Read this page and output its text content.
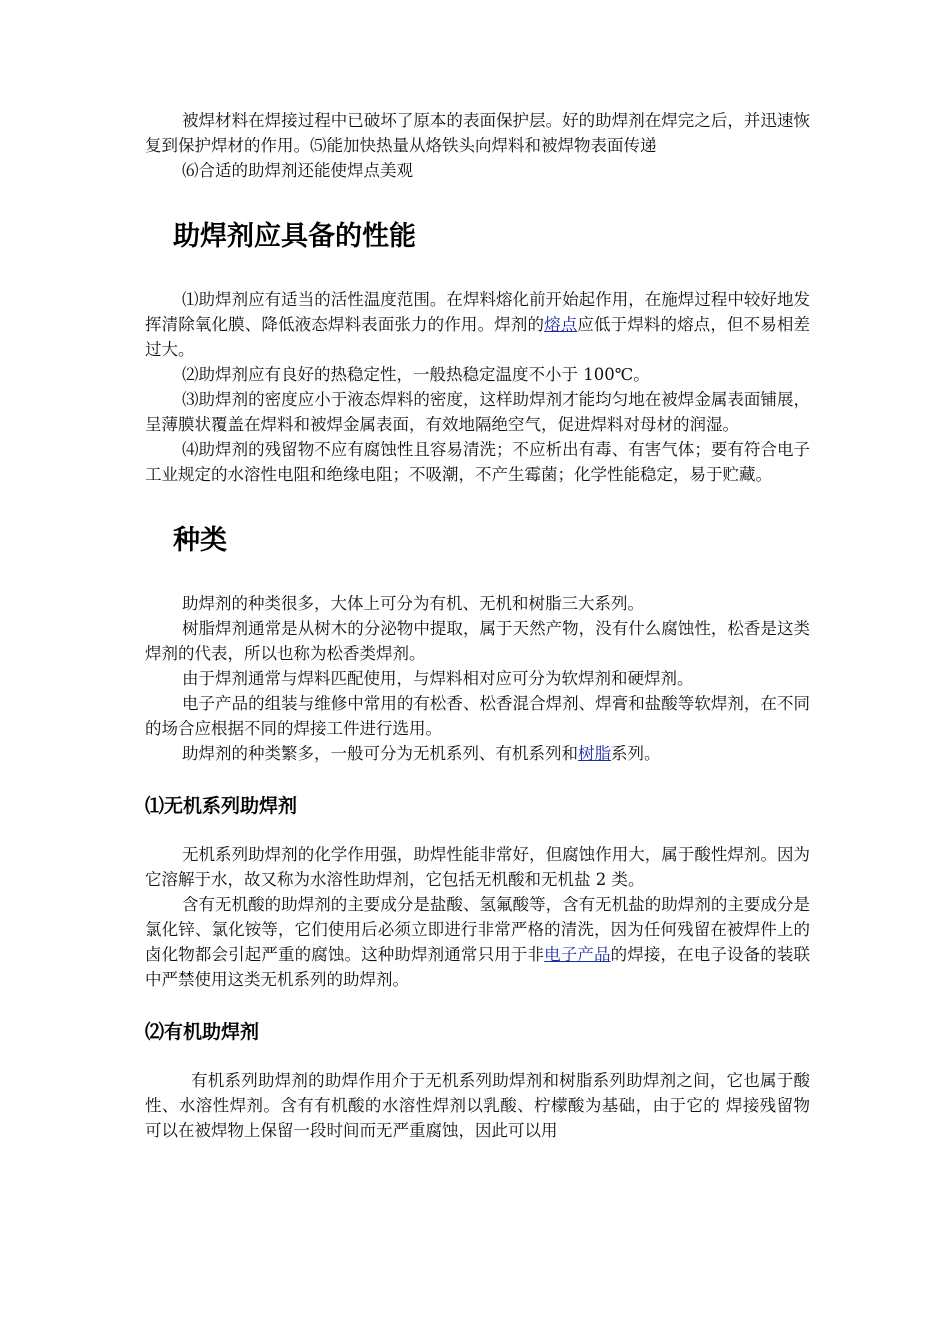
被焊材料在焊接过程中已破坏了原本的表面保护层。好的助焊剂在焊完之后，并迅速恢复到保护焊材的作用。⑸能加快热量从烙铁头向焊料和被焊物表面传递

⑹合适的助焊剂还能使焊点美观

助焊剂应具备的性能

⑴助焊剂应有适当的活性温度范围。在焊料熔化前开始起作用，在施焊过程中较好地发挥清除氧化膜、降低液态焊料表面张力的作用。焊剂的熔点应低于焊料的熔点，但不易相差过大。

⑵助焊剂应有良好的热稳定性，一般热稳定温度不小于 100℃。

⑶助焊剂的密度应小于液态焊料的密度，这样助焊剂才能均匀地在被焊金属表面铺展，呈薄膜状覆盖在焊料和被焊金属表面，有效地隔绝空气，促进焊料对母材的润湿。

⑷助焊剂的残留物不应有腐蚀性且容易清洗；不应析出有毒、有害气体；要有符合电子工业规定的水溶性电阻和绝缘电阻；不吸潮，不产生霉菌；化学性能稳定，易于贮藏。

种类

助焊剂的种类很多，大体上可分为有机、无机和树脂三大系列。

树脂焊剂通常是从树木的分泌物中提取，属于天然产物，没有什么腐蚀性，松香是这类焊剂的代表，所以也称为松香类焊剂。

由于焊剂通常与焊料匹配使用，与焊料相对应可分为软焊剂和硬焊剂。

电子产品的组装与维修中常用的有松香、松香混合焊剂、焊膏和盐酸等软焊剂，在不同的场合应根据不同的焊接工件进行选用。

助焊剂的种类繁多，一般可分为无机系列、有机系列和树脂系列。

⑴无机系列助焊剂

无机系列助焊剂的化学作用强，助焊性能非常好，但腐蚀作用大，属于酸性焊剂。因为它溶解于水，故又称为水溶性助焊剂，它包括无机酸和无机盐 2 类。

含有无机酸的助焊剂的主要成分是盐酸、氢氟酸等，含有无机盐的助焊剂的主要成分是氯化锌、氯化铵等，它们使用后必须立即进行非常严格的清洗，因为任何残留在被焊件上的卤化物都会引起严重的腐蚀。这种助焊剂通常只用于非电子产品的焊接，在电子设备的装联中严禁使用这类无机系列的助焊剂。

⑵有机助焊剂

有机系列助焊剂的助焊作用介于无机系列助焊剂和树脂系列助焊剂之间，它也属于酸性、水溶性焊剂。含有有机酸的水溶性焊剂以乳酸、柠檬酸为基础，由于它的 焊接残留物可以在被焊物上保留一段时间而无严重腐蚀，因此可以用
